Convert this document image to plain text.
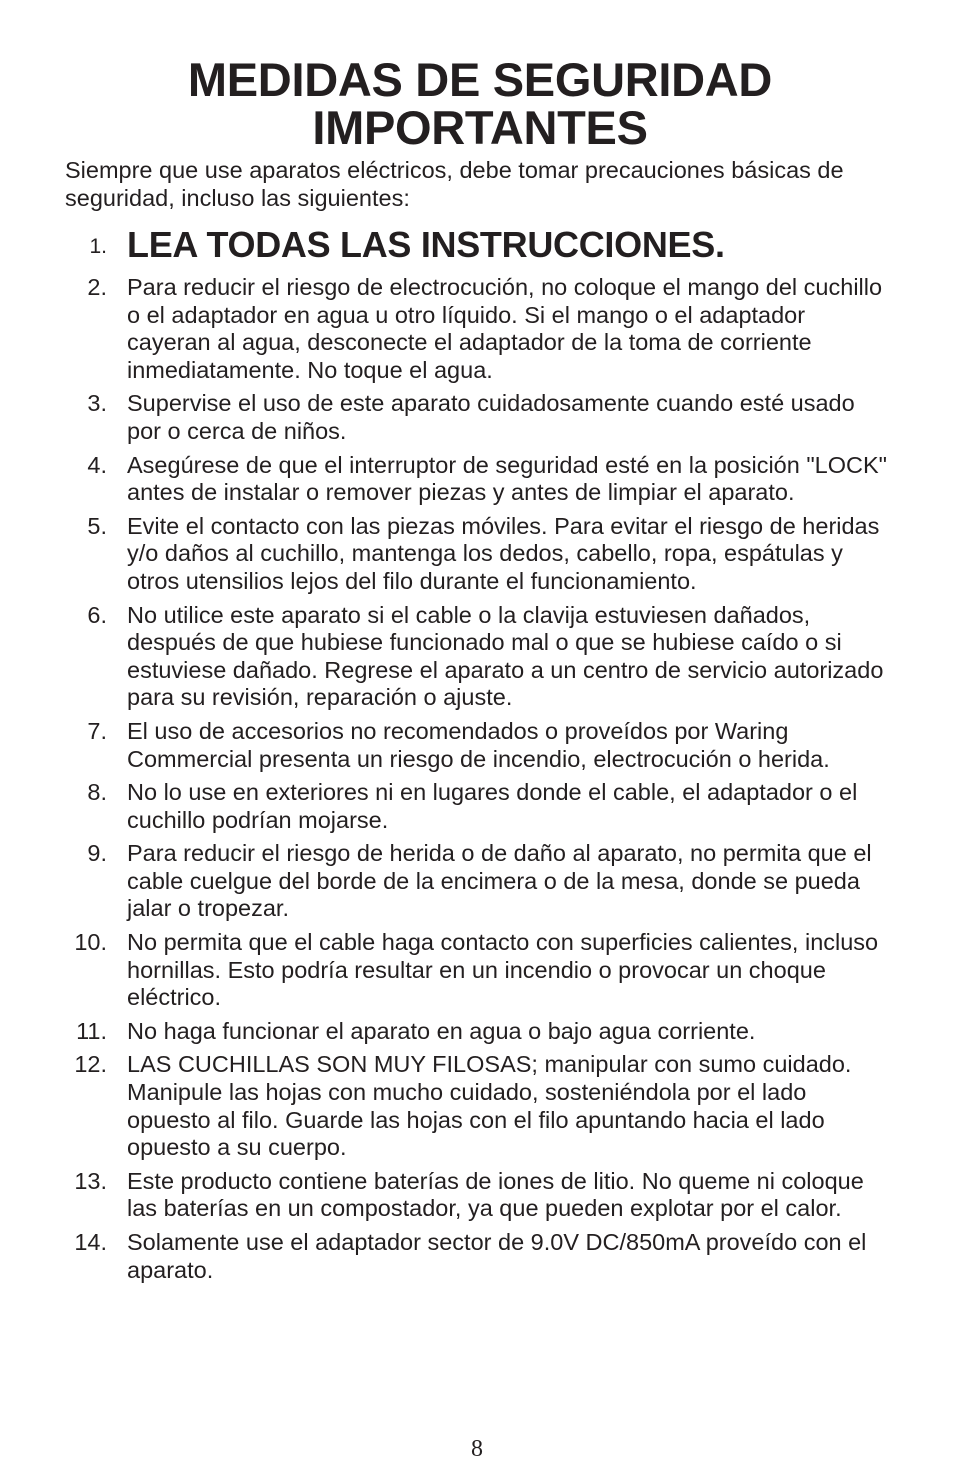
MEDIDAS DE SEGURIDAD
IMPORTANTES

Siempre que use aparatos eléctricos, debe tomar precauciones básicas de seguridad, incluso las siguientes:

1. LEA TODAS LAS INSTRUCCIONES.
2. Para reducir el riesgo de electrocución, no coloque el mango del cuchillo o el adaptador en agua u otro líquido. Si el mango o el adaptador cayeran al agua, desconecte el adaptador de la toma de corriente inmediatamente. No toque el agua.
3. Supervise el uso de este aparato cuidadosamente cuando esté usado por o cerca de niños.
4. Asegúrese de que el interruptor de seguridad esté en la posición "LOCK" antes de instalar o remover piezas y antes de limpiar el aparato.
5. Evite el contacto con las piezas móviles. Para evitar el riesgo de heridas y/o daños al cuchillo, mantenga los dedos, cabello, ropa, espátulas y otros utensilios lejos del filo durante el funcionamiento.
6. No utilice este aparato si el cable o la clavija estuviesen dañados, después de que hubiese funcionado mal o que se hubiese caído o si estuviese dañado. Regrese el aparato a un centro de servicio autorizado para su revisión, reparación o ajuste.
7. El uso de accesorios no recomendados o proveídos por Waring Commercial presenta un riesgo de incendio, electrocución o herida.
8. No lo use en exteriores ni en lugares donde el cable, el adaptador o el cuchillo podrían mojarse.
9. Para reducir el riesgo de herida o de daño al aparato, no permita que el cable cuelgue del borde de la encimera o de la mesa, donde se pueda jalar o tropezar.
10. No permita que el cable haga contacto con superficies calientes, incluso hornillas. Esto podría resultar en un incendio o provocar un choque eléctrico.
11. No haga funcionar el aparato en agua o bajo agua corriente.
12. LAS CUCHILLAS SON MUY FILOSAS; manipular con sumo cuidado. Manipule las hojas con mucho cuidado, sosteniéndola por el lado opuesto al filo. Guarde las hojas con el filo apuntando hacia el lado opuesto a su cuerpo.
13. Este producto contiene baterías de iones de litio. No queme ni coloque las baterías en un compostador, ya que pueden explotar por el calor.
14. Solamente use el adaptador sector de 9.0V DC/850mA proveído con el aparato.
8
